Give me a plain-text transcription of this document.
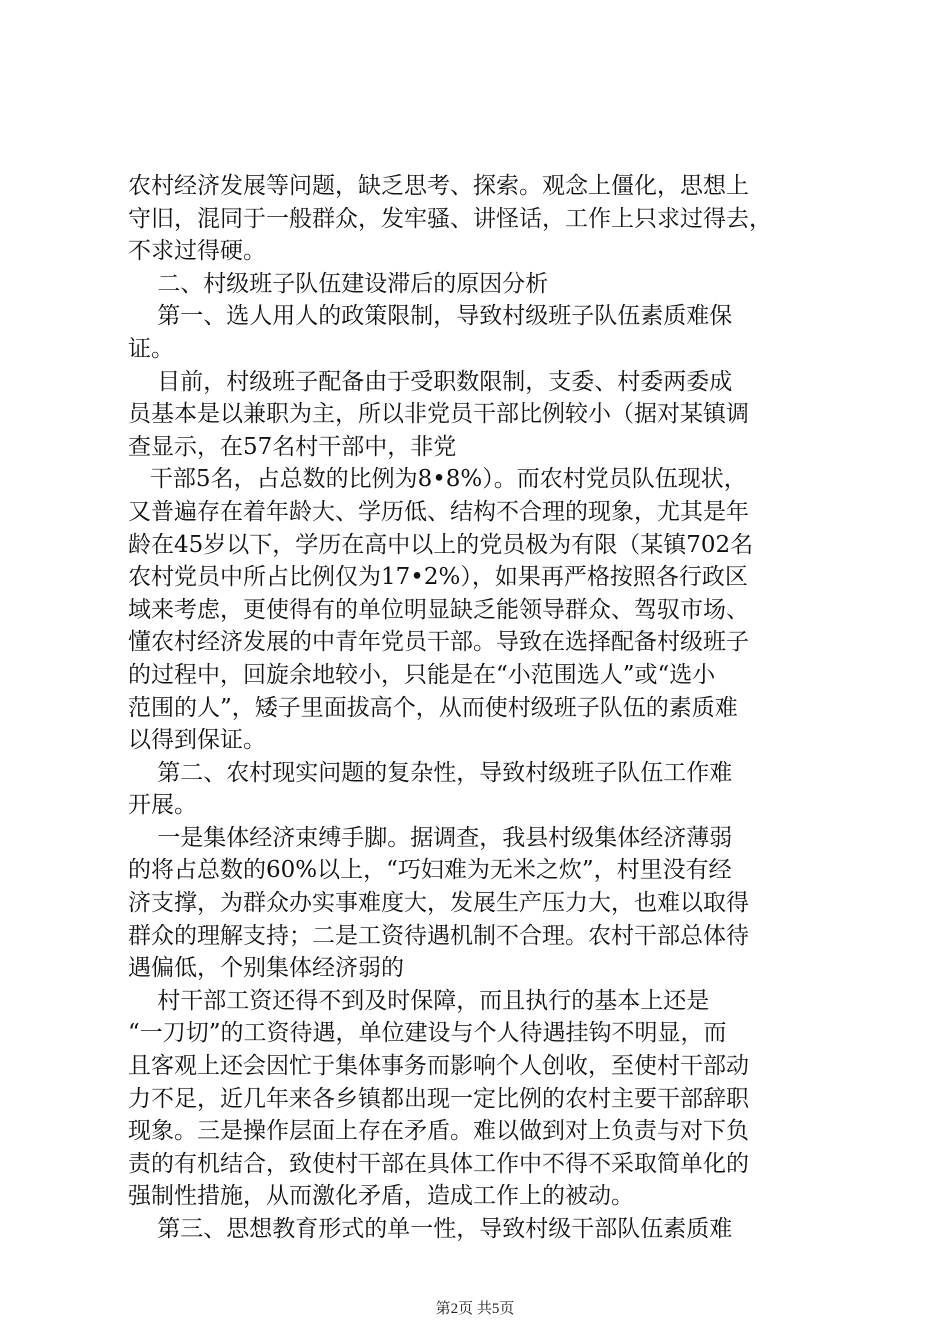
农村经济发展等问题，缺乏思考、探索。观念上僵化，思想上
守旧，混同于一般群众，发牢骚、讲怪话，工作上只求过得去，
不求过得硬。
二、村级班子队伍建设滞后的原因分析
第一、选人用人的政策限制，导致村级班子队伍素质难保
证。
目前，村级班子配备由于受职数限制，支委、村委两委成
员基本是以兼职为主，所以非党员干部比例较小（据对某镇调
查显示，在57名村干部中，非党
干部5名，占总数的比例为8•8%）。而农村党员队伍现状，
又普遍存在着年龄大、学历低、结构不合理的现象，尤其是年
龄在45岁以下，学历在高中以上的党员极为有限（某镇702名
农村党员中所占比例仅为17•2%），如果再严格按照各行政区
域来考虑，更使得有的单位明显缺乏能领导群众、驾驭市场、
懂农村经济发展的中青年党员干部。导致在选择配备村级班子
的过程中，回旋余地较小，只能是在“小范围选人”或“选小
范围的人”，矮子里面拔高个，从而使村级班子队伍的素质难
以得到保证。
第二、农村现实问题的复杂性，导致村级班子队伍工作难
开展。
一是集体经济束缚手脚。据调查，我县村级集体经济薄弱
的将占总数的60%以上，“巧妇难为无米之炊”，村里没有经
济支撑，为群众办实事难度大，发展生产压力大，也难以取得
群众的理解支持；二是工资待遇机制不合理。农村干部总体待
遇偏低，个别集体经济弱的
村干部工资还得不到及时保障，而且执行的基本上还是
“一刀切”的工资待遇，单位建设与个人待遇挂钩不明显，而
且客观上还会因忙于集体事务而影响个人创收，至使村干部动
力不足，近几年来各乡镇都出现一定比例的农村主要干部辞职
现象。三是操作层面上存在矛盾。难以做到对上负责与对下负
责的有机结合，致使村干部在具体工作中不得不采取简单化的
强制性措施，从而激化矛盾，造成工作上的被动。
第三、思想教育形式的单一性，导致村级干部队伍素质难
第2页 共5页
